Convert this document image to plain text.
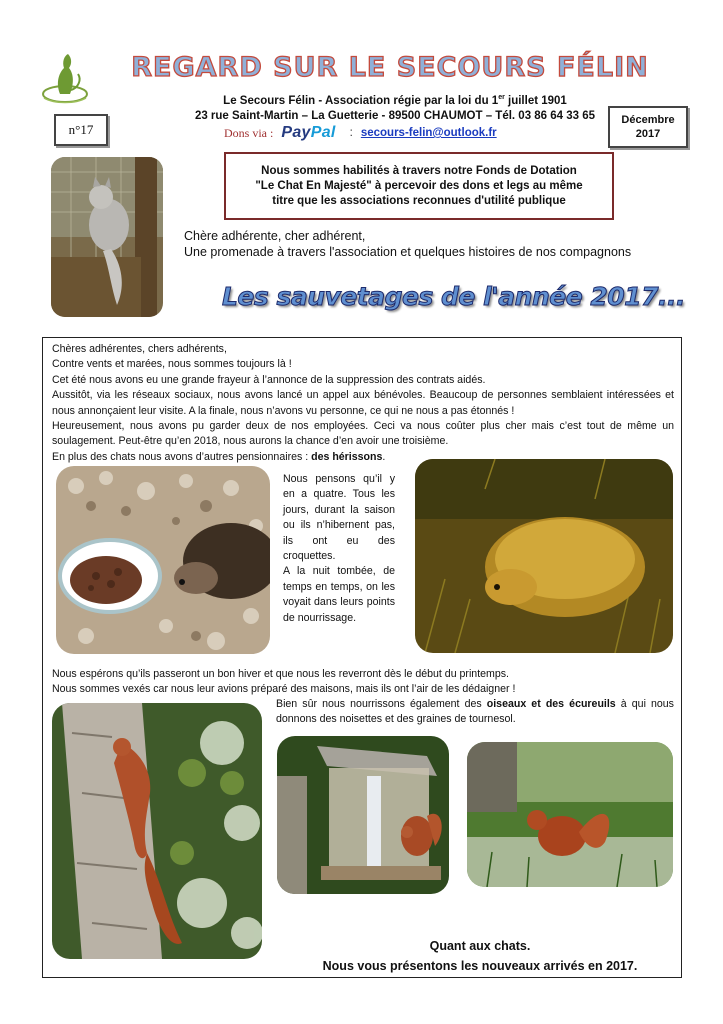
REGARD SUR LE SECOURS FÉLIN
Le Secours Félin - Association régie par la loi du 1er juillet 1901
23 rue Saint-Martin – La Guetterie - 89500 CHAUMOT – Tél. 03 86 64 33 65
n°17
Décembre
2017
Dons via : PayPal : secours-felin@outlook.fr
Nous sommes habilités à travers notre Fonds de Dotation
"Le Chat En Majesté" à percevoir des dons et legs au même
titre que les associations reconnues d'utilité publique
Chère adhérente, cher adhérent,
Une promenade à travers l'association et quelques histoires de nos compagnons
Les sauvetages de l'année 2017...

Chères adhérentes, chers adhérents,

Contre vents et marées, nous sommes toujours là !

Cet été nous avons eu une grande frayeur à l’annonce de la suppression des contrats aidés.

Aussitôt, via les réseaux sociaux, nous avons lancé un appel aux bénévoles. Beaucoup de personnes semblaient intéressées et nous annonçaient leur visite. A la finale, nous n’avons vu personne, ce qui ne nous a pas étonnés !

Heureusement, nous avons pu garder deux de nos employées. Ceci va nous coûter plus cher mais c’est tout de même un soulagement. Peut-être qu’en 2018, nous aurons la chance d’en avoir une troisième.

En plus des chats nous avons d’autres pensionnaires : des hérissons.

Nous pensons qu’il y en a quatre. Tous les jours, durant la saison ou ils n’hibernent pas, ils ont eu des croquettes.

A la nuit tombée, de temps en temps, on les voyait dans leurs points de nourrissage.

Nous espérons qu’ils passeront un bon hiver et que nous les reverront dès le début du printemps.

Nous sommes vexés car nous leur avions préparé des maisons, mais ils ont l’air de les dédaigner !

Bien sûr nous nourrissons également des oiseaux et des écureuils à qui nous donnons des noisettes et des graines de tournesol.

Quant aux chats.

Nous vous présentons les nouveaux arrivés en 2017.
